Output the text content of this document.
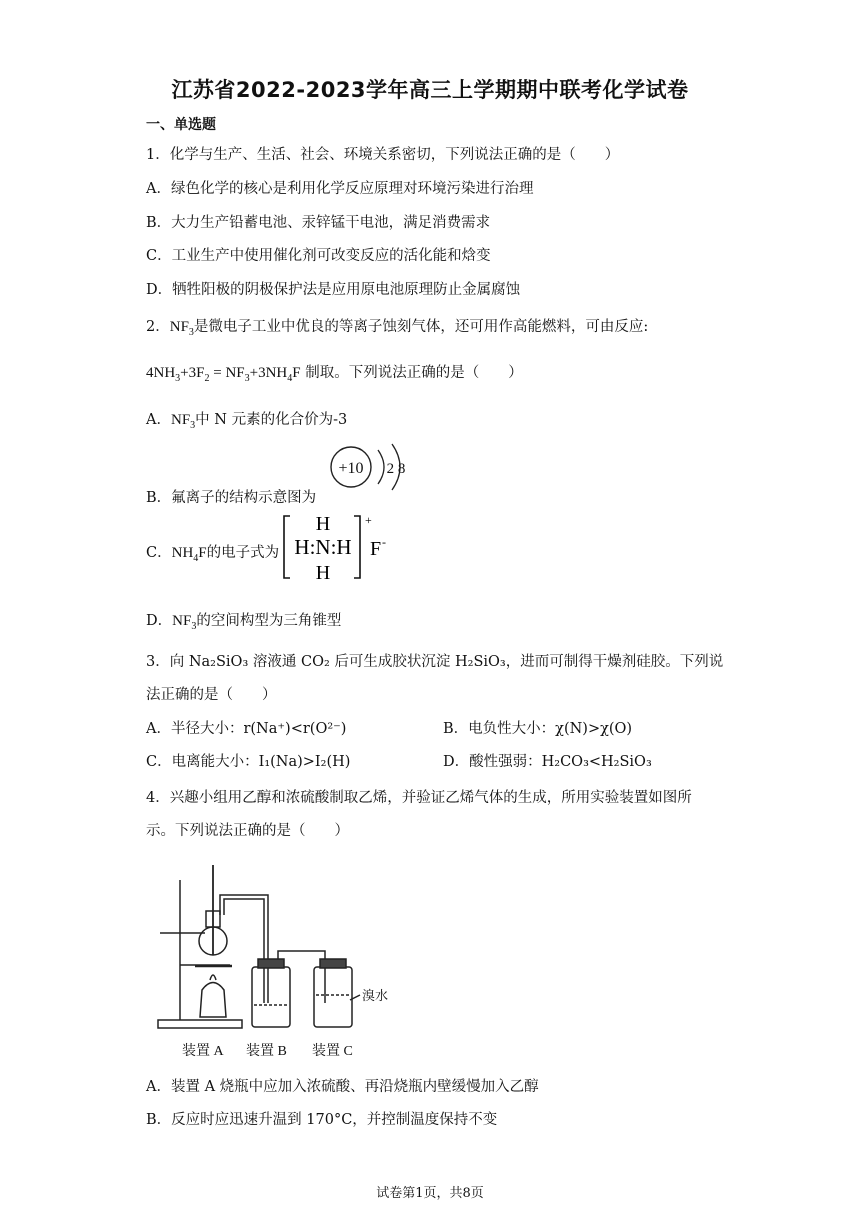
江苏省2022-2023学年高三上学期期中联考化学试卷
一、单选题
1．化学与生产、生活、社会、环境关系密切，下列说法正确的是（　　）
A．绿色化学的核心是利用化学反应原理对环境污染进行治理
B．大力生产铅蓄电池、汞锌锰干电池，满足消费需求
C．工业生产中使用催化剂可改变反应的活化能和焓变
D．牺牲阳极的阴极保护法是应用原电池原理防止金属腐蚀
2．$NF_3$是微电子工业中优良的等离子蚀刻气体，还可用作高能燃料，可由反应:
$4NH_3+3F_2 = NF_3+3NH_4F$ 制取。下列说法正确的是（　　）
A．$NF_3$中 N 元素的化合价为-3
B．氟离子的结构示意图为
+10 2 8
C．$NH_4F$的电子式为
H
H:N:H
H
+
F -
D．$NF_3$的空间构型为三角锥型
3．向 Na₂SiO₃ 溶液通 CO₂ 后可生成胶状沉淀 H₂SiO₃，进而可制得干燥剂硅胶。下列说
法正确的是（　　）
A．半径大小：r(Na⁺)<r(O²⁻)	B．电负性大小：χ(N)>χ(O)
C．电离能大小：I₁(Na)>I₂(H)	D．酸性强弱：H₂CO₃<H₂SiO₃
4．兴趣小组用乙醇和浓硫酸制取乙烯，并验证乙烯气体的生成，所用实验装置如图所
示。下列说法正确的是（　　）
溴水
装置 A 装置 B 装置 C
A．装置 A 烧瓶中应加入浓硫酸、再沿烧瓶内壁缓慢加入乙醇
B．反应时应迅速升温到 170°C，并控制温度保持不变
试卷第1页，共8页
